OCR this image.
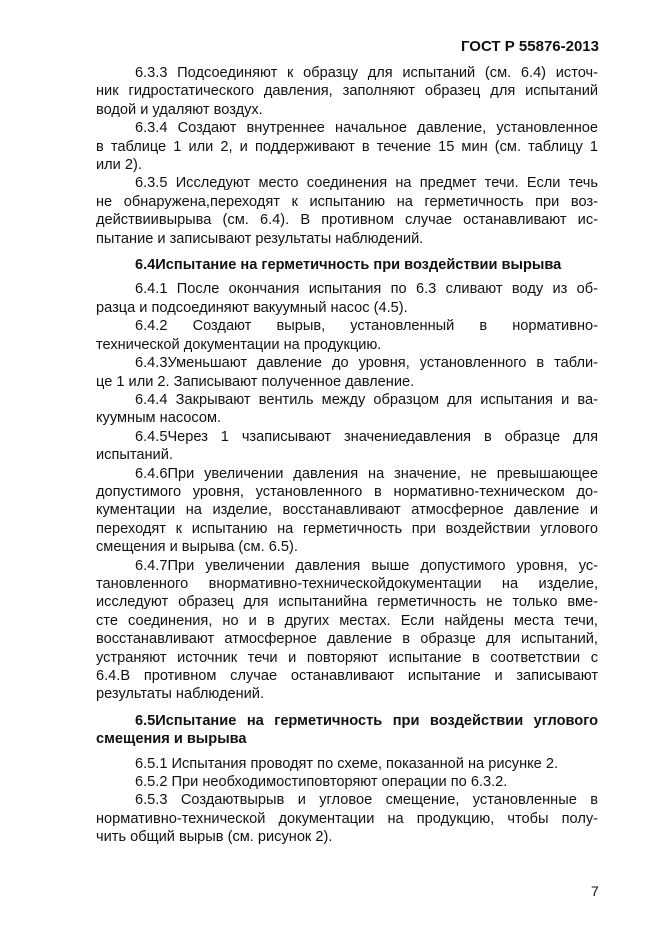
ГОСТ Р 55876-2013
6.3.3 Подсоединяют к образцу для испытаний (см. 6.4) источ-
ник гидростатического давления, заполняют образец для испытаний
водой и удаляют воздух.
6.3.4 Создают внутреннее начальное давление, установленное
в таблице 1 или 2, и поддерживают в течение 15 мин (см. таблицу 1
или 2).
6.3.5 Исследуют место соединения на предмет течи. Если течь
не обнаружена,переходят к испытанию на герметичность при воз-
действиивырыва (см. 6.4). В противном случае останавливают ис-
пытание и записывают результаты наблюдений.
6.4Испытание на герметичность при воздействии вырыва
6.4.1 После окончания испытания по 6.3 сливают воду из об-
разца и подсоединяют вакуумный насос (4.5).
6.4.2 Создают вырыв, установленный в нормативно-
технической документации на продукцию.
6.4.3Уменьшают давление до уровня, установленного в табли-
це 1 или 2. Записывают полученное давление.
6.4.4 Закрывают вентиль между образцом для испытания и ва-
куумным насосом.
6.4.5Через 1 чзаписывают значениедавления в образце для
испытаний.
6.4.6При увеличении давления на значение, не превышающее
допустимого уровня, установленного в нормативно-техническом до-
кументации на изделие, восстанавливают атмосферное давление и
переходят к испытанию на герметичность при воздействии углового
смещения и вырыва (см. 6.5).
6.4.7При увеличении давления выше допустимого уровня, ус-
тановленного внормативно-техническойдокументации на изделие,
исследуют образец для испытанийна герметичность не только вме-
сте соединения, но и в других местах. Если найдены места течи,
восстанавливают атмосферное давление в образце для испытаний,
устраняют источник течи и повторяют испытание в соответствии с
6.4.В противном случае останавливают испытание и записывают
результаты наблюдений.
6.5Испытание на герметичность при воздействии углового
смещения и вырыва
6.5.1 Испытания проводят по схеме, показанной на рисунке 2.
6.5.2 При необходимостиповторяют операции по 6.3.2.
6.5.3 Создаютвырыв и угловое смещение, установленные в
нормативно-технической документации на продукцию, чтобы полу-
чить общий вырыв (см. рисунок 2).
7
